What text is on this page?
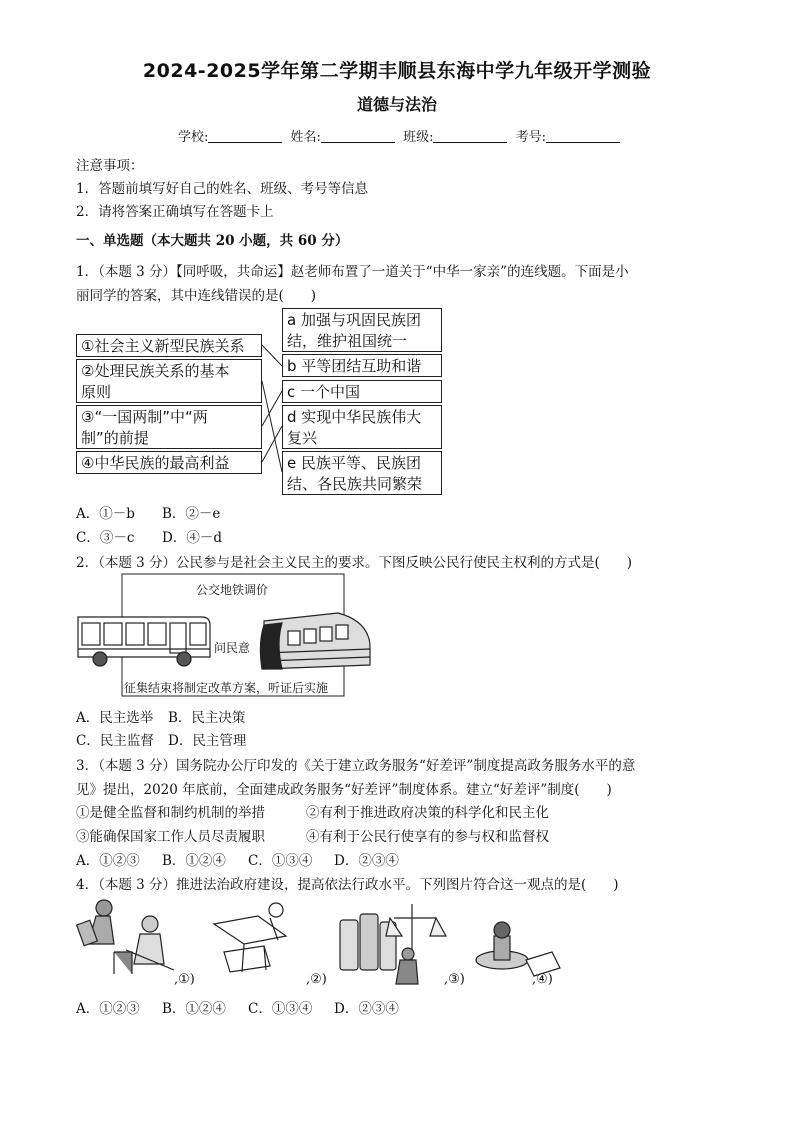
2024-2025学年第二学期丰顺县东海中学九年级开学测验
道德与法治
学校:	姓名:	班级:	考号:
注意事项：
1．答题前填写好自己的姓名、班级、考号等信息
2．请将答案正确填写在答题卡上
一、单选题（本大题共 20 小题，共 60 分）
1．（本题 3 分）【同呼吸，共命运】赵老师布置了一道关于“中华一家亲”的连线题。下面是小
丽同学的答案，其中连线错误的是(　　)
①社会主义新型民族关系
②处理民族关系的基本
原则
③“一国两制”中“两
制”的前提
④中华民族的最高利益
a 加强与巩固民族团
结，维护祖国统一
b 平等团结互助和谐
c 一个中国
d 实现中华民族伟大
复兴
e 民族平等、民族团
结、各民族共同繁荣
A．①－b B．②－e
C．③－c D．④－d
2．（本题 3 分）公民参与是社会主义民主的要求。下图反映公民行使民主权利的方式是(　　)
公交地铁调价
问民意
征集结束将制定改革方案，听证后实施
A．民主选举 B．民主决策
C．民主监督 D．民主管理
3．（本题 3 分）国务院办公厅印发的《关于建立政务服务“好差评”制度提高政务服务水平的意
见》提出，2020 年底前，全面建成政务服务“好差评”制度体系。建立“好差评”制度(　　)
①是健全监督和制约机制的举措	②有利于推进政府决策的科学化和民主化
③能确保国家工作人员尽责履职	④有利于公民行使享有的参与权和监督权
A．①②③ B．①②④ C．①③④ D．②③④
4．（本题 3 分）推进法治政府建设，提高依法行政水平。下列图片符合这一观点的是(　　)
,①)	,②)	,③)	,④)
A．①②③ B．①②④ C．①③④ D．②③④
